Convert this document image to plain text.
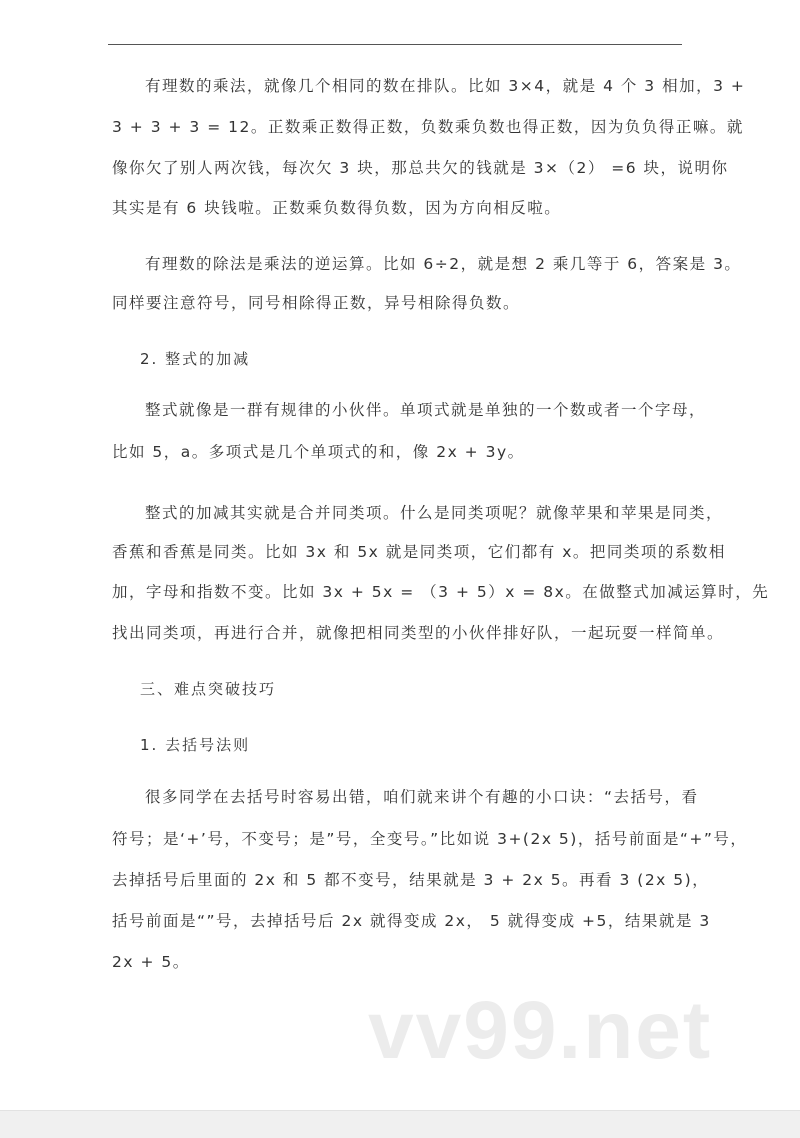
有理数的乘法，就像几个相同的数在排队。比如 3×4，就是 4 个 3 相加，3 +
3 + 3 + 3 = 12。正数乘正数得正数，负数乘负数也得正数，因为负负得正嘛。就
像你欠了别人两次钱，每次欠 3 块，那总共欠的钱就是 3×（2） =6 块，说明你
其实是有 6 块钱啦。正数乘负数得负数，因为方向相反啦。
有理数的除法是乘法的逆运算。比如 6÷2，就是想 2 乘几等于 6，答案是 3。
同样要注意符号，同号相除得正数，异号相除得负数。
2. 整式的加减
整式就像是一群有规律的小伙伴。单项式就是单独的一个数或者一个字母，
比如 5，a。多项式是几个单项式的和，像 2x + 3y。
整式的加减其实就是合并同类项。什么是同类项呢？就像苹果和苹果是同类，
香蕉和香蕉是同类。比如 3x 和 5x 就是同类项，它们都有 x。把同类项的系数相
加，字母和指数不变。比如 3x + 5x = （3 + 5）x = 8x。在做整式加减运算时，先
找出同类项，再进行合并，就像把相同类型的小伙伴排好队，一起玩耍一样简单。
三、难点突破技巧
1. 去括号法则
很多同学在去括号时容易出错，咱们就来讲个有趣的小口诀：“去括号，看
符号；是‘+’号，不变号；是”号，全变号。”比如说 3+(2x 5)，括号前面是“+”号，
去掉括号后里面的 2x 和 5 都不变号，结果就是 3 + 2x 5。再看 3 (2x 5)，
括号前面是“”号，去掉括号后 2x 就得变成 2x， 5 就得变成 +5，结果就是 3
2x + 5。
vv99.net
